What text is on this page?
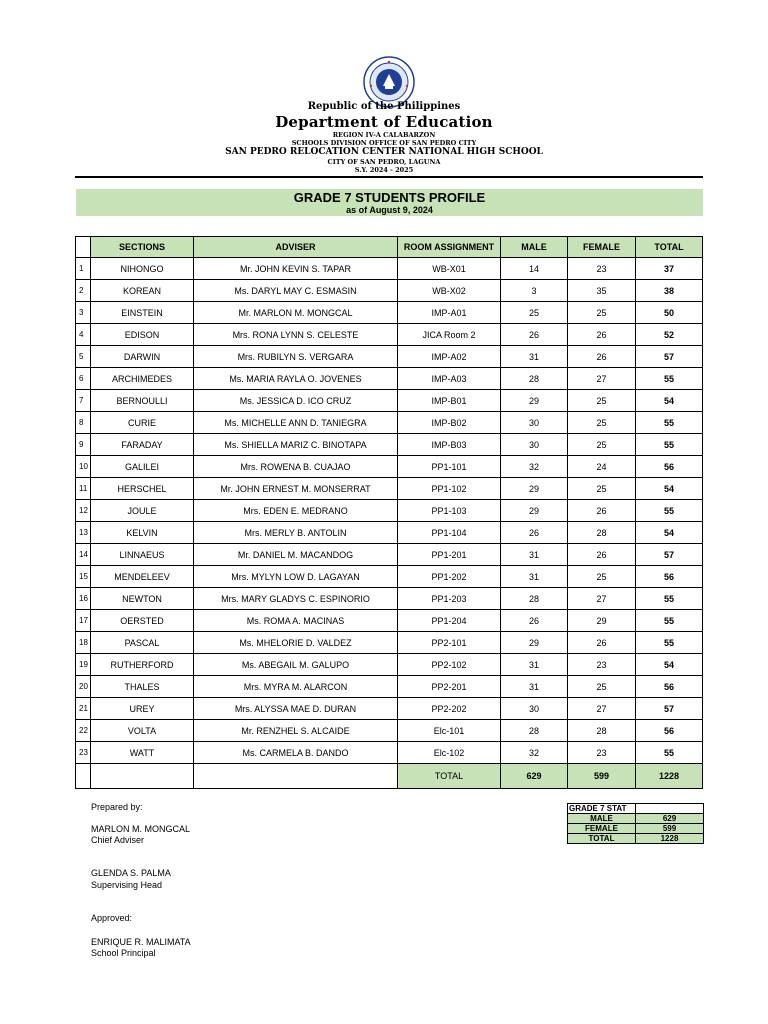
Republic of the Philippines
Department of Education
REGION IV-A CALABARZON
SCHOOLS DIVISION OFFICE OF SAN PEDRO CITY
SAN PEDRO RELOCATION CENTER NATIONAL HIGH SCHOOL
CITY OF SAN PEDRO, LAGUNA
S.Y. 2024 - 2025
GRADE 7 STUDENTS PROFILE
as of August 9, 2024
	SECTIONS	ADVISER	ROOM ASSIGNMENT	MALE	FEMALE	TOTAL
1	NIHONGO	Mr. JOHN KEVIN S. TAPAR	WB-X01	14	23	37
2	KOREAN	Ms. DARYL MAY C. ESMASIN	WB-X02	3	35	38
3	EINSTEIN	Mr. MARLON M. MONGCAL	IMP-A01	25	25	50
4	EDISON	Mrs. RONA LYNN S. CELESTE	JICA Room 2	26	26	52
5	DARWIN	Mrs. RUBILYN S. VERGARA	IMP-A02	31	26	57
6	ARCHIMEDES	Ms. MARIA RAYLA O. JOVENES	IMP-A03	28	27	55
7	BERNOULLI	Ms. JESSICA D. ICO CRUZ	IMP-B01	29	25	54
8	CURIE	Ms. MICHELLE ANN D. TANIEGRA	IMP-B02	30	25	55
9	FARADAY	Ms. SHIELLA MARIZ C. BINOTAPA	IMP-B03	30	25	55
10	GALILEI	Mrs. ROWENA B. CUAJAO	PP1-101	32	24	56
11	HERSCHEL	Mr. JOHN ERNEST M. MONSERRAT	PP1-102	29	25	54
12	JOULE	Mrs. EDEN E. MEDRANO	PP1-103	29	26	55
13	KELVIN	Mrs. MERLY B. ANTOLIN	PP1-104	26	28	54
14	LINNAEUS	Mr. DANIEL M. MACANDOG	PP1-201	31	26	57
15	MENDELEEV	Mrs. MYLYN LOW D. LAGAYAN	PP1-202	31	25	56
16	NEWTON	Mrs. MARY GLADYS C. ESPINORIO	PP1-203	28	27	55
17	OERSTED	Ms. ROMA A. MACINAS	PP1-204	26	29	55
18	PASCAL	Ms. MHELORIE D. VALDEZ	PP2-101	29	26	55
19	RUTHERFORD	Ms. ABEGAIL M. GALUPO	PP2-102	31	23	54
20	THALES	Mrs. MYRA M. ALARCON	PP2-201	31	25	56
21	UREY	Mrs. ALYSSA MAE D. DURAN	PP2-202	30	27	57
22	VOLTA	Mr. RENZHEL S. ALCAIDE	Elc-101	28	28	56
23	WATT	Ms. CARMELA B. DANDO	Elc-102	32	23	55
			TOTAL	629	599	1228
Prepared by:
MARLON M. MONGCAL
Chief Adviser
GLENDA S. PALMA
Supervising Head
Approved:
ENRIQUE R. MALIMATA
School Principal
GRADE 7 STAT	
MALE	629
FEMALE	599
TOTAL	1228
